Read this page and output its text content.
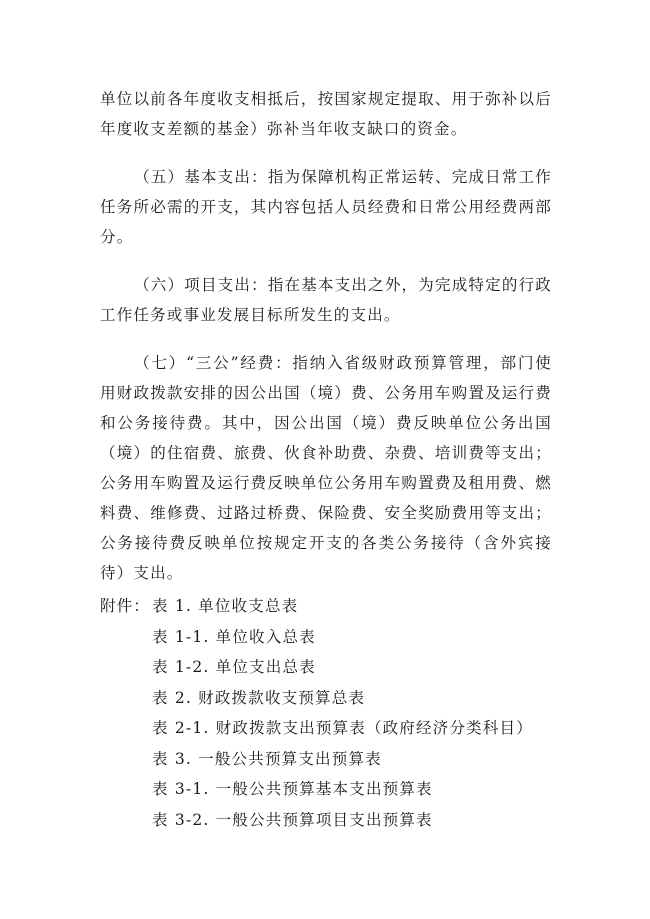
单位以前各年度收支相抵后，按国家规定提取、用于弥补以后年度收支差额的基金）弥补当年收支缺口的资金。

（五）基本支出：指为保障机构正常运转、完成日常工作任务所必需的开支，其内容包括人员经费和日常公用经费两部分。

（六）项目支出：指在基本支出之外，为完成特定的行政工作任务或事业发展目标所发生的支出。

（七）“三公”经费：指纳入省级财政预算管理，部门使用财政拨款安排的因公出国（境）费、公务用车购置及运行费和公务接待费。其中，因公出国（境）费反映单位公务出国（境）的住宿费、旅费、伙食补助费、杂费、培训费等支出；公务用车购置及运行费反映单位公务用车购置费及租用费、燃料费、维修费、过路过桥费、保险费、安全奖励费用等支出；公务接待费反映单位按规定开支的各类公务接待（含外宾接待）支出。

附件： 表 1. 单位收支总表
表 1-1. 单位收入总表
表 1-2. 单位支出总表
表 2. 财政拨款收支预算总表
表 2-1. 财政拨款支出预算表（政府经济分类科目）
表 3. 一般公共预算支出预算表
表 3-1. 一般公共预算基本支出预算表
表 3-2. 一般公共预算项目支出预算表
